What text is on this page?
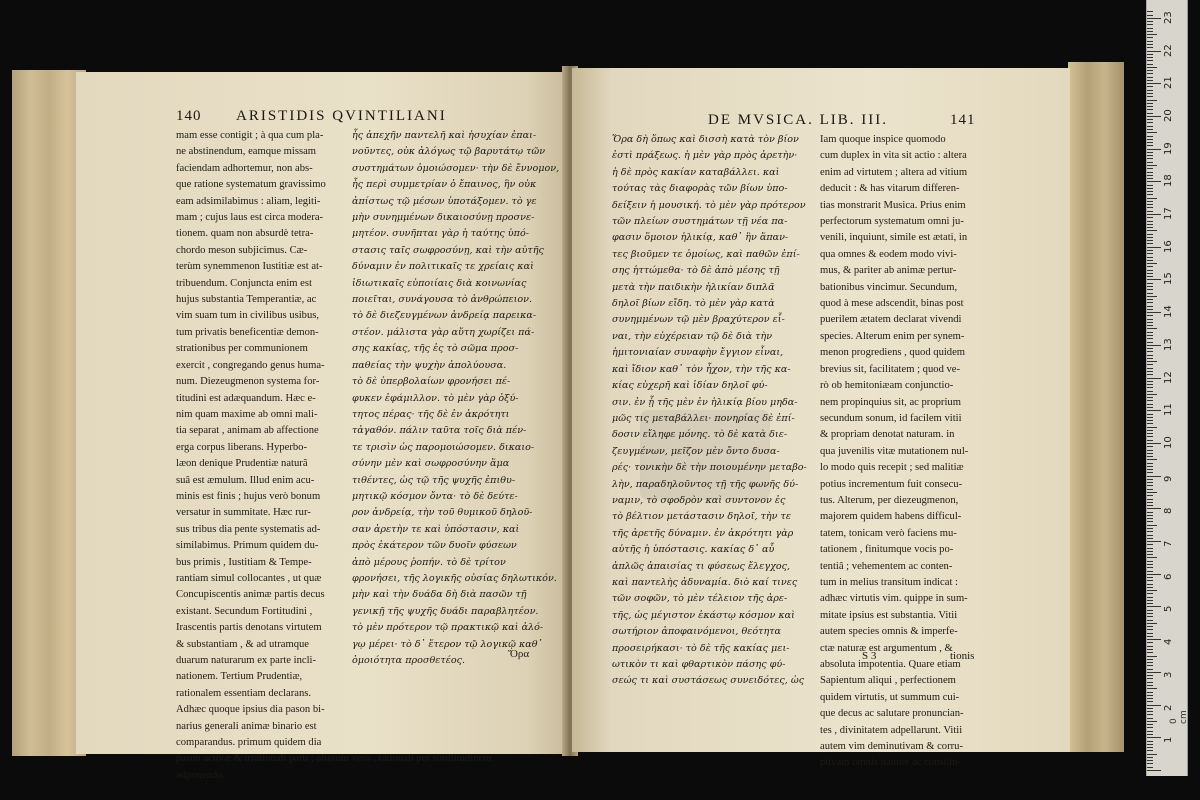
140 ARISTIDIS QVINTILIANI
mam esse contigit ; à qua cum pla-
ne abstinendum, eamque missam
faciendam adhortemur, non abs-
que ratione systematum gravissimo
eam adsimilabimus : aliam, legiti-
mam ; cujus laus est circa modera-
tionem. quam non absurdè tetra-
chordo meson subjicimus. Cæ-
terùm synemmenon Iustitiæ est at-
tribuendum. Conjuncta enim est
hujus substantia Temperantiæ, ac
vim suam tum in civilibus usibus,
tum privatis beneficentiæ demon-
strationibus per communionem
exercit , congregando genus huma-
num. Diezeugmenon systema for-
titudini est adæquandum. Hæc e-
nim quam maxime ab omni mali-
tia separat , animam ab affectione
erga corpus liberans. Hyperbo-
læon denique Prudentiæ naturâ
suâ est æmulum. Illud enim acu-
minis est finis ; hujus verò bonum
versatur in summitate. Hæc rur-
sus tribus dia pente systematis ad-
similabimus. Primum quidem du-
bus primis , Iustitiam & Tempe-
rantiam simul collocantes , ut quæ
Concupiscentis animæ partis decus
existant. Secundum Fortitudini ,
Irascentis partis denotans virtutem
& substantiam , & ad utramque
duarum naturarum ex parte incli-
nationem. Tertium Prudentiæ,
rationalem essentiam declarans.
Adhæc quoque ipsius dia pason bi-
narius generali animæ binario est
comparandus. primum quidem dia
pason activæ & irrationali parti ; alterum verò , rationali per similitudinem
adponendo.
ἧς ἀπεχῆν παντελῆ καὶ ἠσυχίαν ἐπαι-
νοῦντες, οὐκ ἀλόγως τῷ βαρυτάτῳ τῶν
συστημάτων ὁμοιώσομεν· τὴν δὲ ἔννομον,
ἧς περὶ συμμετρίαν ὁ ἔπαινος, ἣν οὐκ
ἀπίστως τῷ μέσων ὑποτάξομεν. τὸ γε
μὴν συνημμένων δικαιοσύνῃ προσνε-
μητέον. συνῆπται γὰρ ἡ ταύτης ὑπό-
στασις ταῖς σωφροσύνῃ, καὶ τὴν αὐτῆς
δύναμιν ἐν πολιτικαῖς τε χρείαις καὶ
ἰδιωτικαῖς εὐποιίαις διὰ κοινωνίας
ποιεῖται, συνάγουσα τὸ ἀνθρώπειον.
τὸ δὲ διεζευγμένων ἀνδρείᾳ παρεικα-
στέον. μάλιστα γὰρ αὕτη χωρίζει πά-
σης κακίας, τῆς ἐς τὸ σῶμα προσ-
παθείας τὴν ψυχὴν ἀπολύουσα.
τὸ δὲ ὑπερβολαίων φρονήσει πέ-
φυκεν ἐφάμιλλον. τὸ μὲν γὰρ ὀξύ-
τητος πέρας· τῆς δὲ ἐν ἀκρότητι
τἀγαθόν. πάλιν ταῦτα τοῖς διὰ πέν-
τε τρισὶν ὡς παρομοιώσομεν. δικαιο-
σύνην μὲν καὶ σωφροσύνην ἅμα
τιθέντες, ὡς τῷ τῆς ψυχῆς ἐπιθυ-
μητικῷ κόσμον ὄντα· τὸ δὲ δεύτε-
ρον ἀνδρείᾳ, τὴν τοῦ θυμικοῦ δηλοῦ-
σαν ἀρετὴν τε καὶ ὑπόστασιν, καὶ
πρὸς ἑκάτερον τῶν δυοῖν φύσεων
ἀπὸ μέρους ῥοπήν. τὸ δὲ τρίτον
φρονήσει, τῆς λογικῆς οὐσίας δηλωτικόν.
μὴν καὶ τὴν δυάδα δὴ διὰ πασῶν τῇ
γενικῇ τῆς ψυχῆς δυάδι παραβλητέον.
τὸ μὲν πρότερον τῷ πρακτικῷ καὶ ἀλό-
γῳ μέρει· τὸ δ᾽ ἕτερον τῷ λογικῷ καθ᾽
ὁμοιότητα προσθετέος.
Ὅρα
DE MVSICA. LIB. III.	141
Ὅρα δὴ ὅπως καὶ δισσὴ κατὰ τὸν βίον
ἐστὶ πράξεως. ἡ μὲν γὰρ πρὸς ἀρετὴν·
ἡ δὲ πρὸς κακίαν καταβάλλει. καὶ
τούτας τὰς διαφορὰς τῶν βίων ὑπο-
δείξειν ἡ μουσική. τὸ μὲν γὰρ πρότερον
τῶν πλείων συστημάτων τῇ νέα πα-
φασιν ὅμοιον ἡλικίᾳ, καθ᾽ ἣν ἅπαν-
τες βιοῦμεν τε ὁμοίως, καὶ παθῶν ἐπί-
σης ἡττώμεθα· τὸ δὲ ἀπὸ μέσης τῇ
μετὰ τὴν παιδικὴν ἡλικίαν διπλᾶ
δηλοῖ βίων εἴδη. τὸ μὲν γὰρ κατὰ
συνημμένων τῷ μὲν βραχύτερον εἶ-
ναι, τὴν εὐχέρειαν τῷ δὲ διὰ τὴν
ἡμιτονιαίαν συναφὴν ἔγγιον εἶναι,
καὶ ἴδιον καθ᾽ τὸν ἦχον, τὴν τῆς κα-
κίας εὐχερῆ καὶ ἰδίαν δηλοῖ φύ-
σιν. ἐν ᾗ τῆς μὲν ἐν ἡλικίᾳ βίου μηδα-
μῶς τις μεταβάλλει· πονηρίας δὲ ἐπί-
δοσιν εἴληφε μόνης. τὸ δὲ κατὰ διε-
ζευγμένων, μεῖζον μὲν ὄντο δυσα-
ρές· τονικὴν δὲ τὴν ποιουμένην μεταβο-
λὴν, παραδηλοῦντος τῇ τῆς φωνῆς δύ-
ναμιν, τὸ σφοδρὸν καὶ συντονον ἐς
τὸ βέλτιον μετάστασιν δηλοῖ, τὴν τε
τῆς ἀρετῆς δύναμιν. ἐν ἀκρότητι γὰρ
αὐτῆς ἡ ὑπόστασις. κακίας δ᾽ αὖ
ἁπλῶς ἀπαισίας τι φύσεως ἔλεγχος,
καὶ παντελὴς ἀδυναμία. διὸ καί τινες
τῶν σοφῶν, τὸ μὲν τέλειον τῆς ἀρε-
τῆς, ὡς μέγιστον ἑκάστῳ κόσμον καὶ
σωτήριον ἀποφαινόμενοι, θεότητα
προσειρήκασι· τὸ δὲ τῆς κακίας μει-
ωτικὸν τι καὶ φθαρτικὸν πάσης φύ-
σεώς τι καὶ συστάσεως συνειδότες, ὡς
Iam quoque inspice quomodo
cum duplex in vita sit actio : altera
enim ad virtutem ; altera ad vitium
deducit : & has vitarum differen-
tias monstrarit Musica. Prius enim
perfectorum systematum omni ju-
venili, inquiunt, simile est ætati, in
qua omnes & eodem modo vivi-
mus, & pariter ab animæ pertur-
bationibus vincimur. Secundum,
quod à mese adscendit, binas post
puerilem ætatem declarat vivendi
species. Alterum enim per synem-
menon progrediens , quod quidem
brevius sit, facilitatem ; quod ve-
rò ob hemitoniæam conjunctio-
nem propinquius sit, ac proprium
secundum sonum, id facilem vitii
& propriam denotat naturam. in
qua juvenilis vitæ mutationem nul-
lo modo quis recepit ; sed malitiæ
potius incrementum fuit consecu-
tus. Alterum, per diezeugmenon,
majorem quidem habens difficul-
tatem, tonicam verò faciens mu-
tationem , finitumque vocis po-
tentiâ ; vehementem ac conten-
tum in melius transitum indicat :
adhæc virtutis vim. quippe in sum-
mitate ipsius est substantia. Vitii
autem species omnis & imperfe-
ctæ naturæ est argumentum , &
absoluta impotentia. Quare etiam
Sapientum aliqui , perfectionem
quidem virtutis, ut summum cui-
que decus ac salutare pronuncian-
tes , divinitatem adpellarunt. Vitii
autem vim deminutivam & corru-
ptivam omnis naturæ ac constitu-
S 3	tionis
0 cm
1
2
3
4
5
6
7
8
9
10
11
12
13
14
15
16
17
18
19
20
21
22
23
